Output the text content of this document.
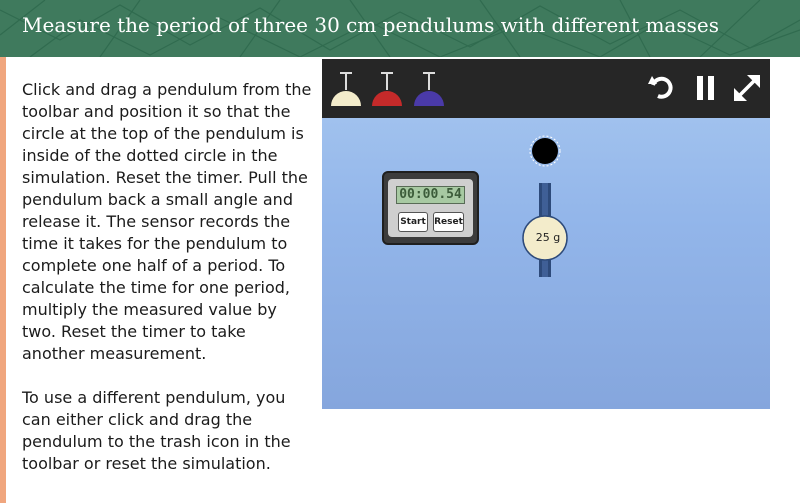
Measure the period of three 30 cm pendulums with different masses

Click and drag a pendulum from the toolbar and position it so that the circle at the top of the pendulum is inside of the dotted circle in the simulation. Reset the timer. Pull the pendulum back a small angle and release it. The sensor records the time it takes for the pendulum to complete one half of a period. To calculate the time for one period, multiply the measured value by two. Reset the timer to take another measurement.

To use a different pendulum, you can either click and drag the pendulum to the trash icon in the toolbar or reset the simulation.

00:00.54
Start Reset
25 g
